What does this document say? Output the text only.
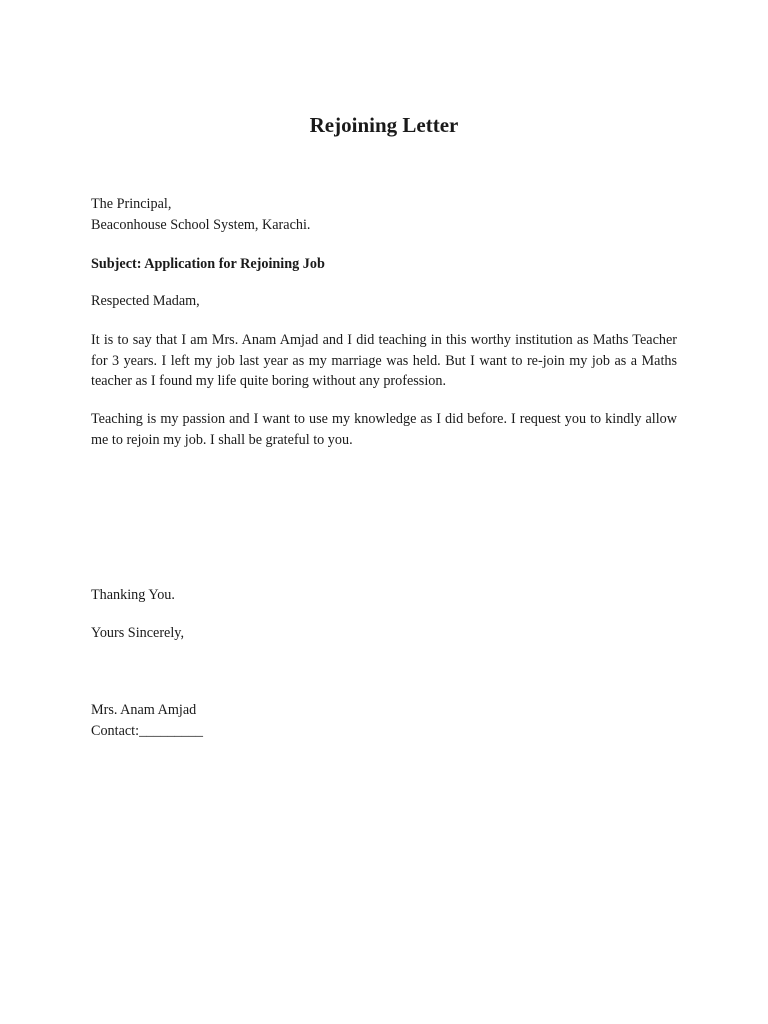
Rejoining Letter
The Principal,
Beaconhouse School System, Karachi.
Subject: Application for Rejoining Job
Respected Madam,
It is to say that I am Mrs. Anam Amjad and I did teaching in this worthy institution as Maths Teacher for 3 years. I left my job last year as my marriage was held. But I want to re-join my job as a Maths teacher as I found my life quite boring without any profession.
Teaching is my passion and I want to use my knowledge as I did before. I request you to kindly allow me to rejoin my job. I shall be grateful to you.
Thanking You.
Yours Sincerely,
Mrs. Anam Amjad
Contact:_________
